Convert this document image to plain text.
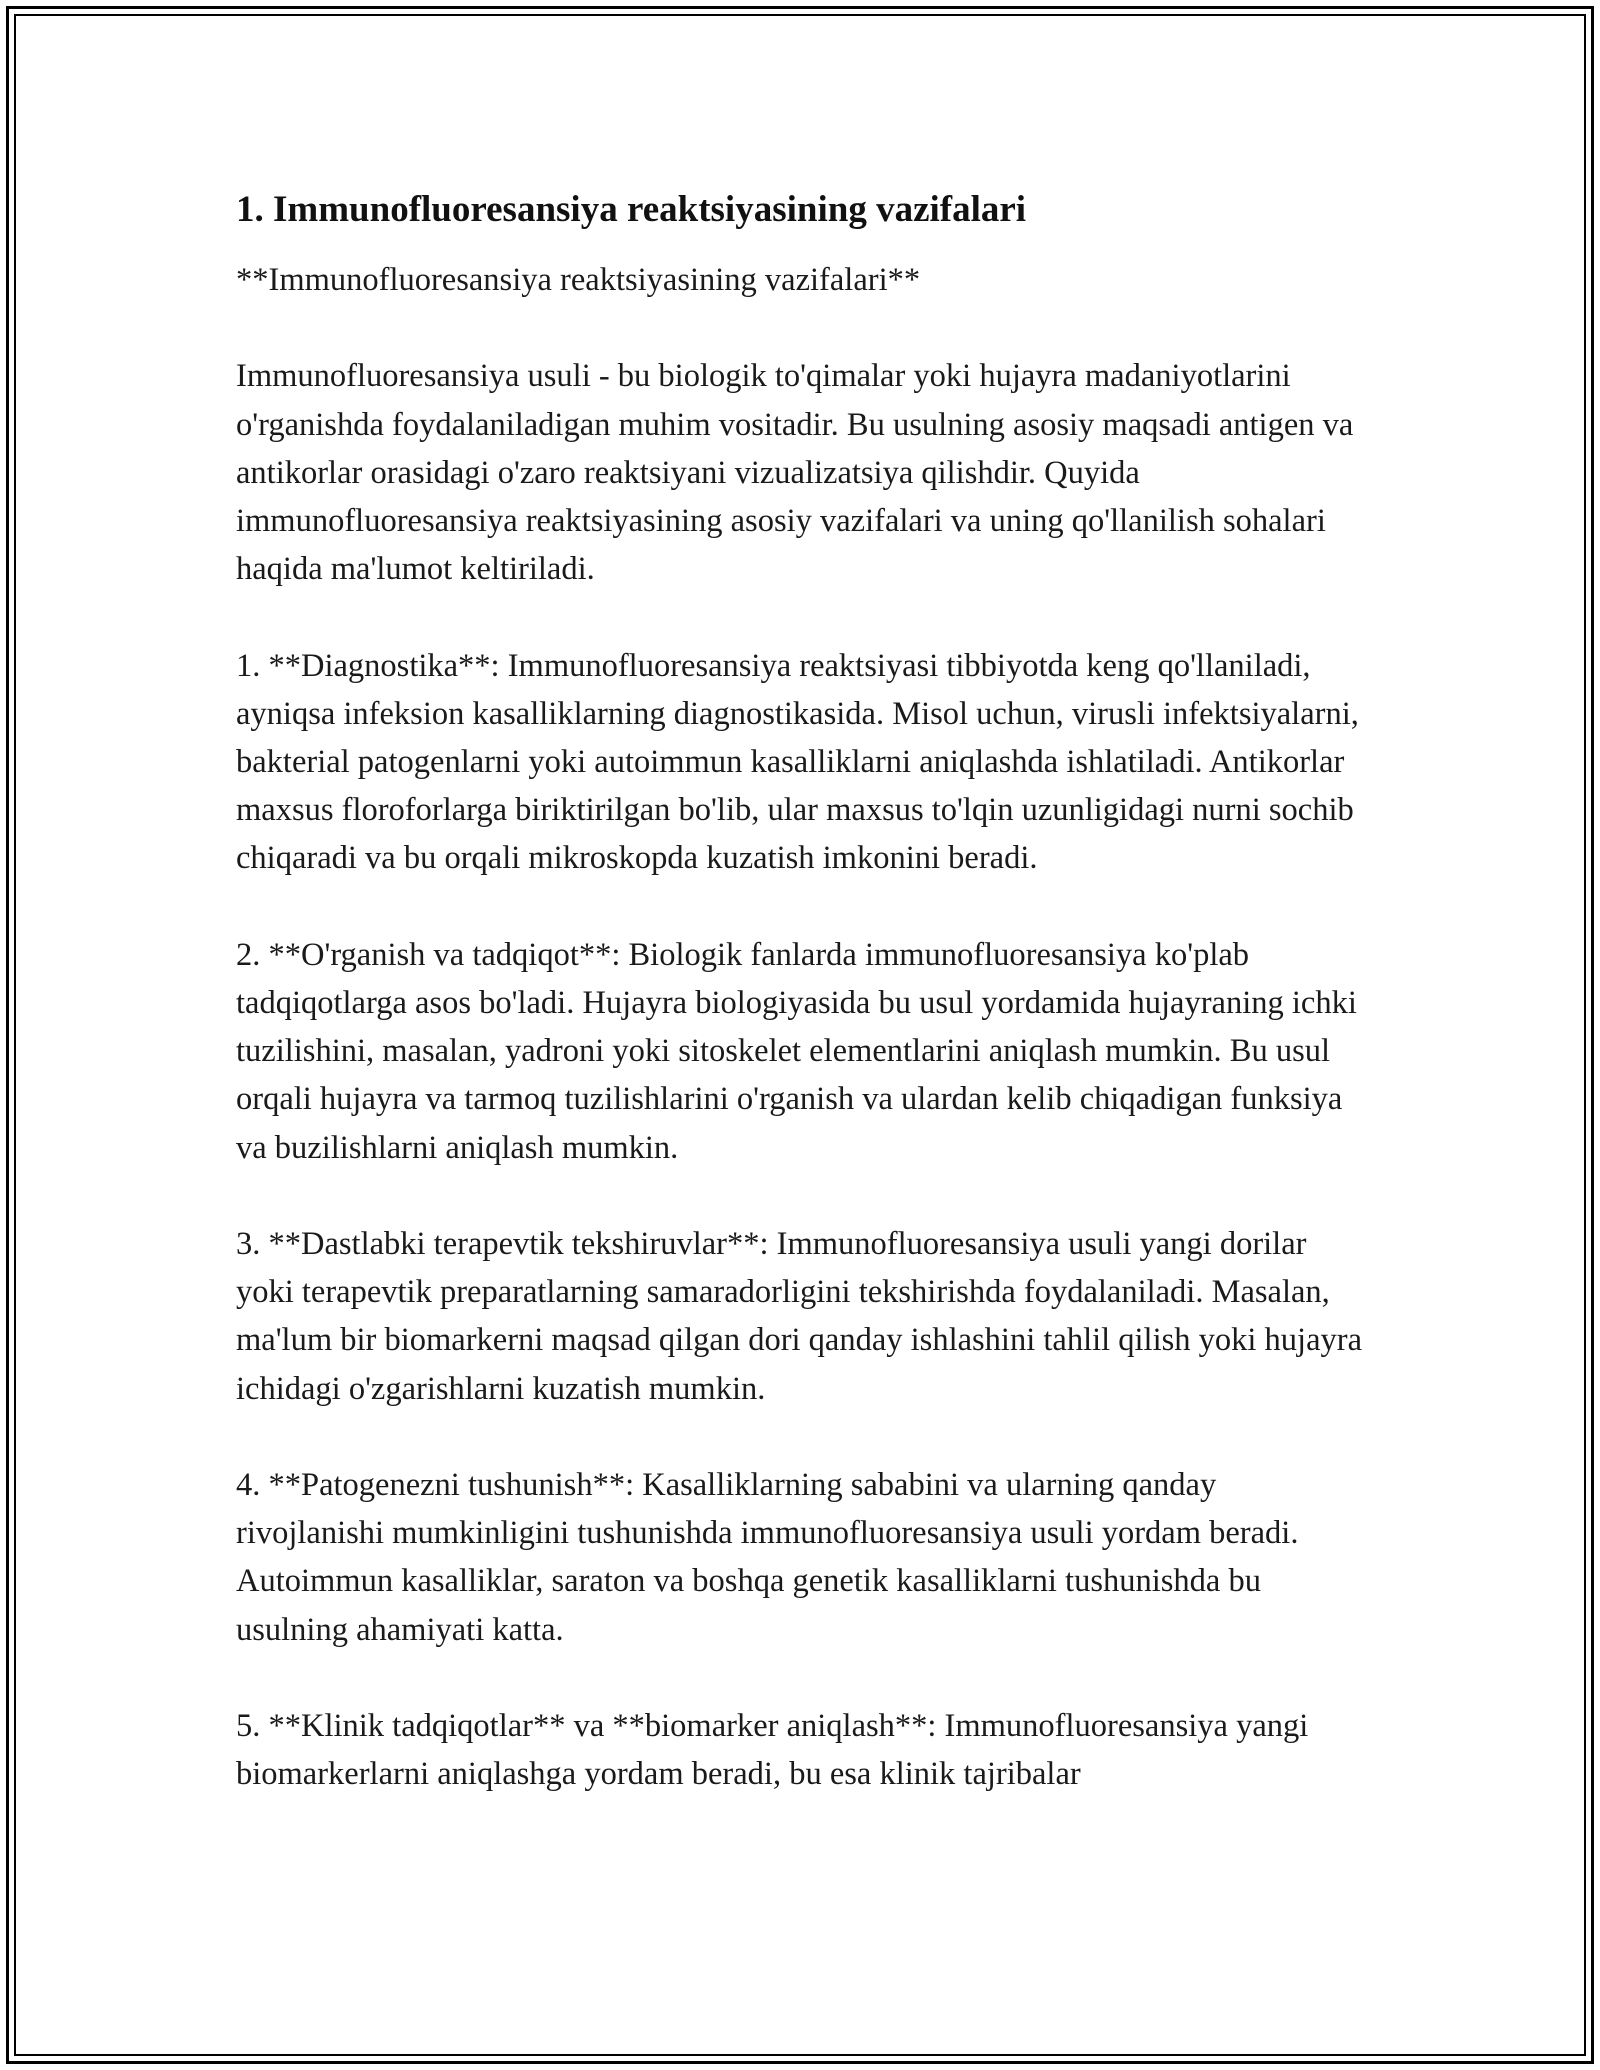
1. Immunofluoresansiya reaktsiyasining vazifalari

**Immunofluoresansiya reaktsiyasining vazifalari**

Immunofluoresansiya usuli - bu biologik to'qimalar yoki hujayra madaniyotlarini o'rganishda foydalaniladigan muhim vositadir. Bu usulning asosiy maqsadi antigen va antikorlar orasidagi o'zaro reaktsiyani vizualizatsiya qilishdir. Quyida immunofluoresansiya reaktsiyasining asosiy vazifalari va uning qo'llanilish sohalari haqida ma'lumot keltiriladi.

1. **Diagnostika**: Immunofluoresansiya reaktsiyasi tibbiyotda keng qo'llaniladi, ayniqsa infeksion kasalliklarning diagnostikasida. Misol uchun, virusli infektsiyalarni, bakterial patogenlarni yoki autoimmun kasalliklarni aniqlashda ishlatiladi. Antikorlar maxsus floroforlarga biriktirilgan bo'lib, ular maxsus to'lqin uzunligidagi nurni sochib chiqaradi va bu orqali mikroskopda kuzatish imkonini beradi.

2. **O'rganish va tadqiqot**: Biologik fanlarda immunofluoresansiya ko'plab tadqiqotlarga asos bo'ladi. Hujayra biologiyasida bu usul yordamida hujayraning ichki tuzilishini, masalan, yadroni yoki sitoskelet elementlarini aniqlash mumkin. Bu usul orqali hujayra va tarmoq tuzilishlarini o'rganish va ulardan kelib chiqadigan funksiya va buzilishlarni aniqlash mumkin.

3. **Dastlabki terapevtik tekshiruvlar**: Immunofluoresansiya usuli yangi dorilar yoki terapevtik preparatlarning samaradorligini tekshirishda foydalaniladi. Masalan, ma'lum bir biomarkerni maqsad qilgan dori qanday ishlashini tahlil qilish yoki hujayra ichidagi o'zgarishlarni kuzatish mumkin.

4. **Patogenezni tushunish**: Kasalliklarning sababini va ularning qanday rivojlanishi mumkinligini tushunishda immunofluoresansiya usuli yordam beradi. Autoimmun kasalliklar, saraton va boshqa genetik kasalliklarni tushunishda bu usulning ahamiyati katta.

5. **Klinik tadqiqotlar** va **biomarker aniqlash**: Immunofluoresansiya yangi biomarkerlarni aniqlashga yordam beradi, bu esa klinik tajribalar
